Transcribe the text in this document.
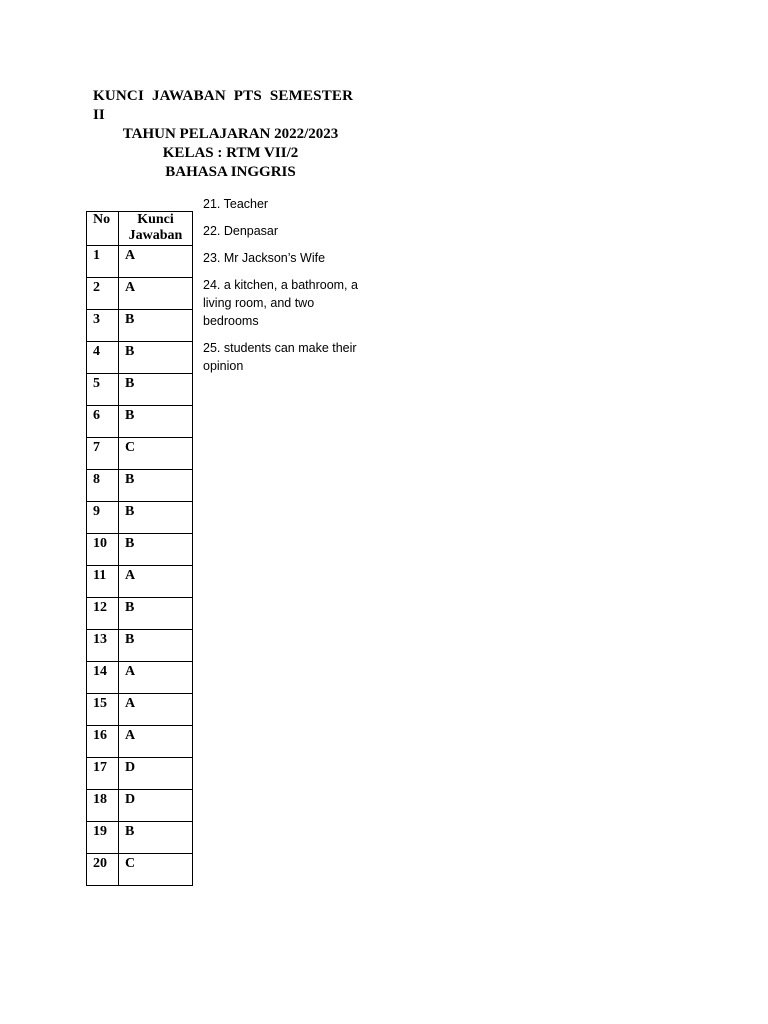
KUNCI JAWABAN PTS SEMESTER
II
TAHUN PELAJARAN 2022/2023
KELAS : RTM VII/2
BAHASA INGGRIS
No	Kunci
Jawaban
1	A
2	A
3	B
4	B
5	B
6	B
7	C
8	B
9	B
10	B
11	A
12	B
13	B
14	A
15	A
16	A
17	D
18	D
19	B
20	C
21. Teacher
22. Denpasar
23. Mr Jackson’s Wife
24. a kitchen, a bathroom, a living room, and two bedrooms
25. students can make their opinion
